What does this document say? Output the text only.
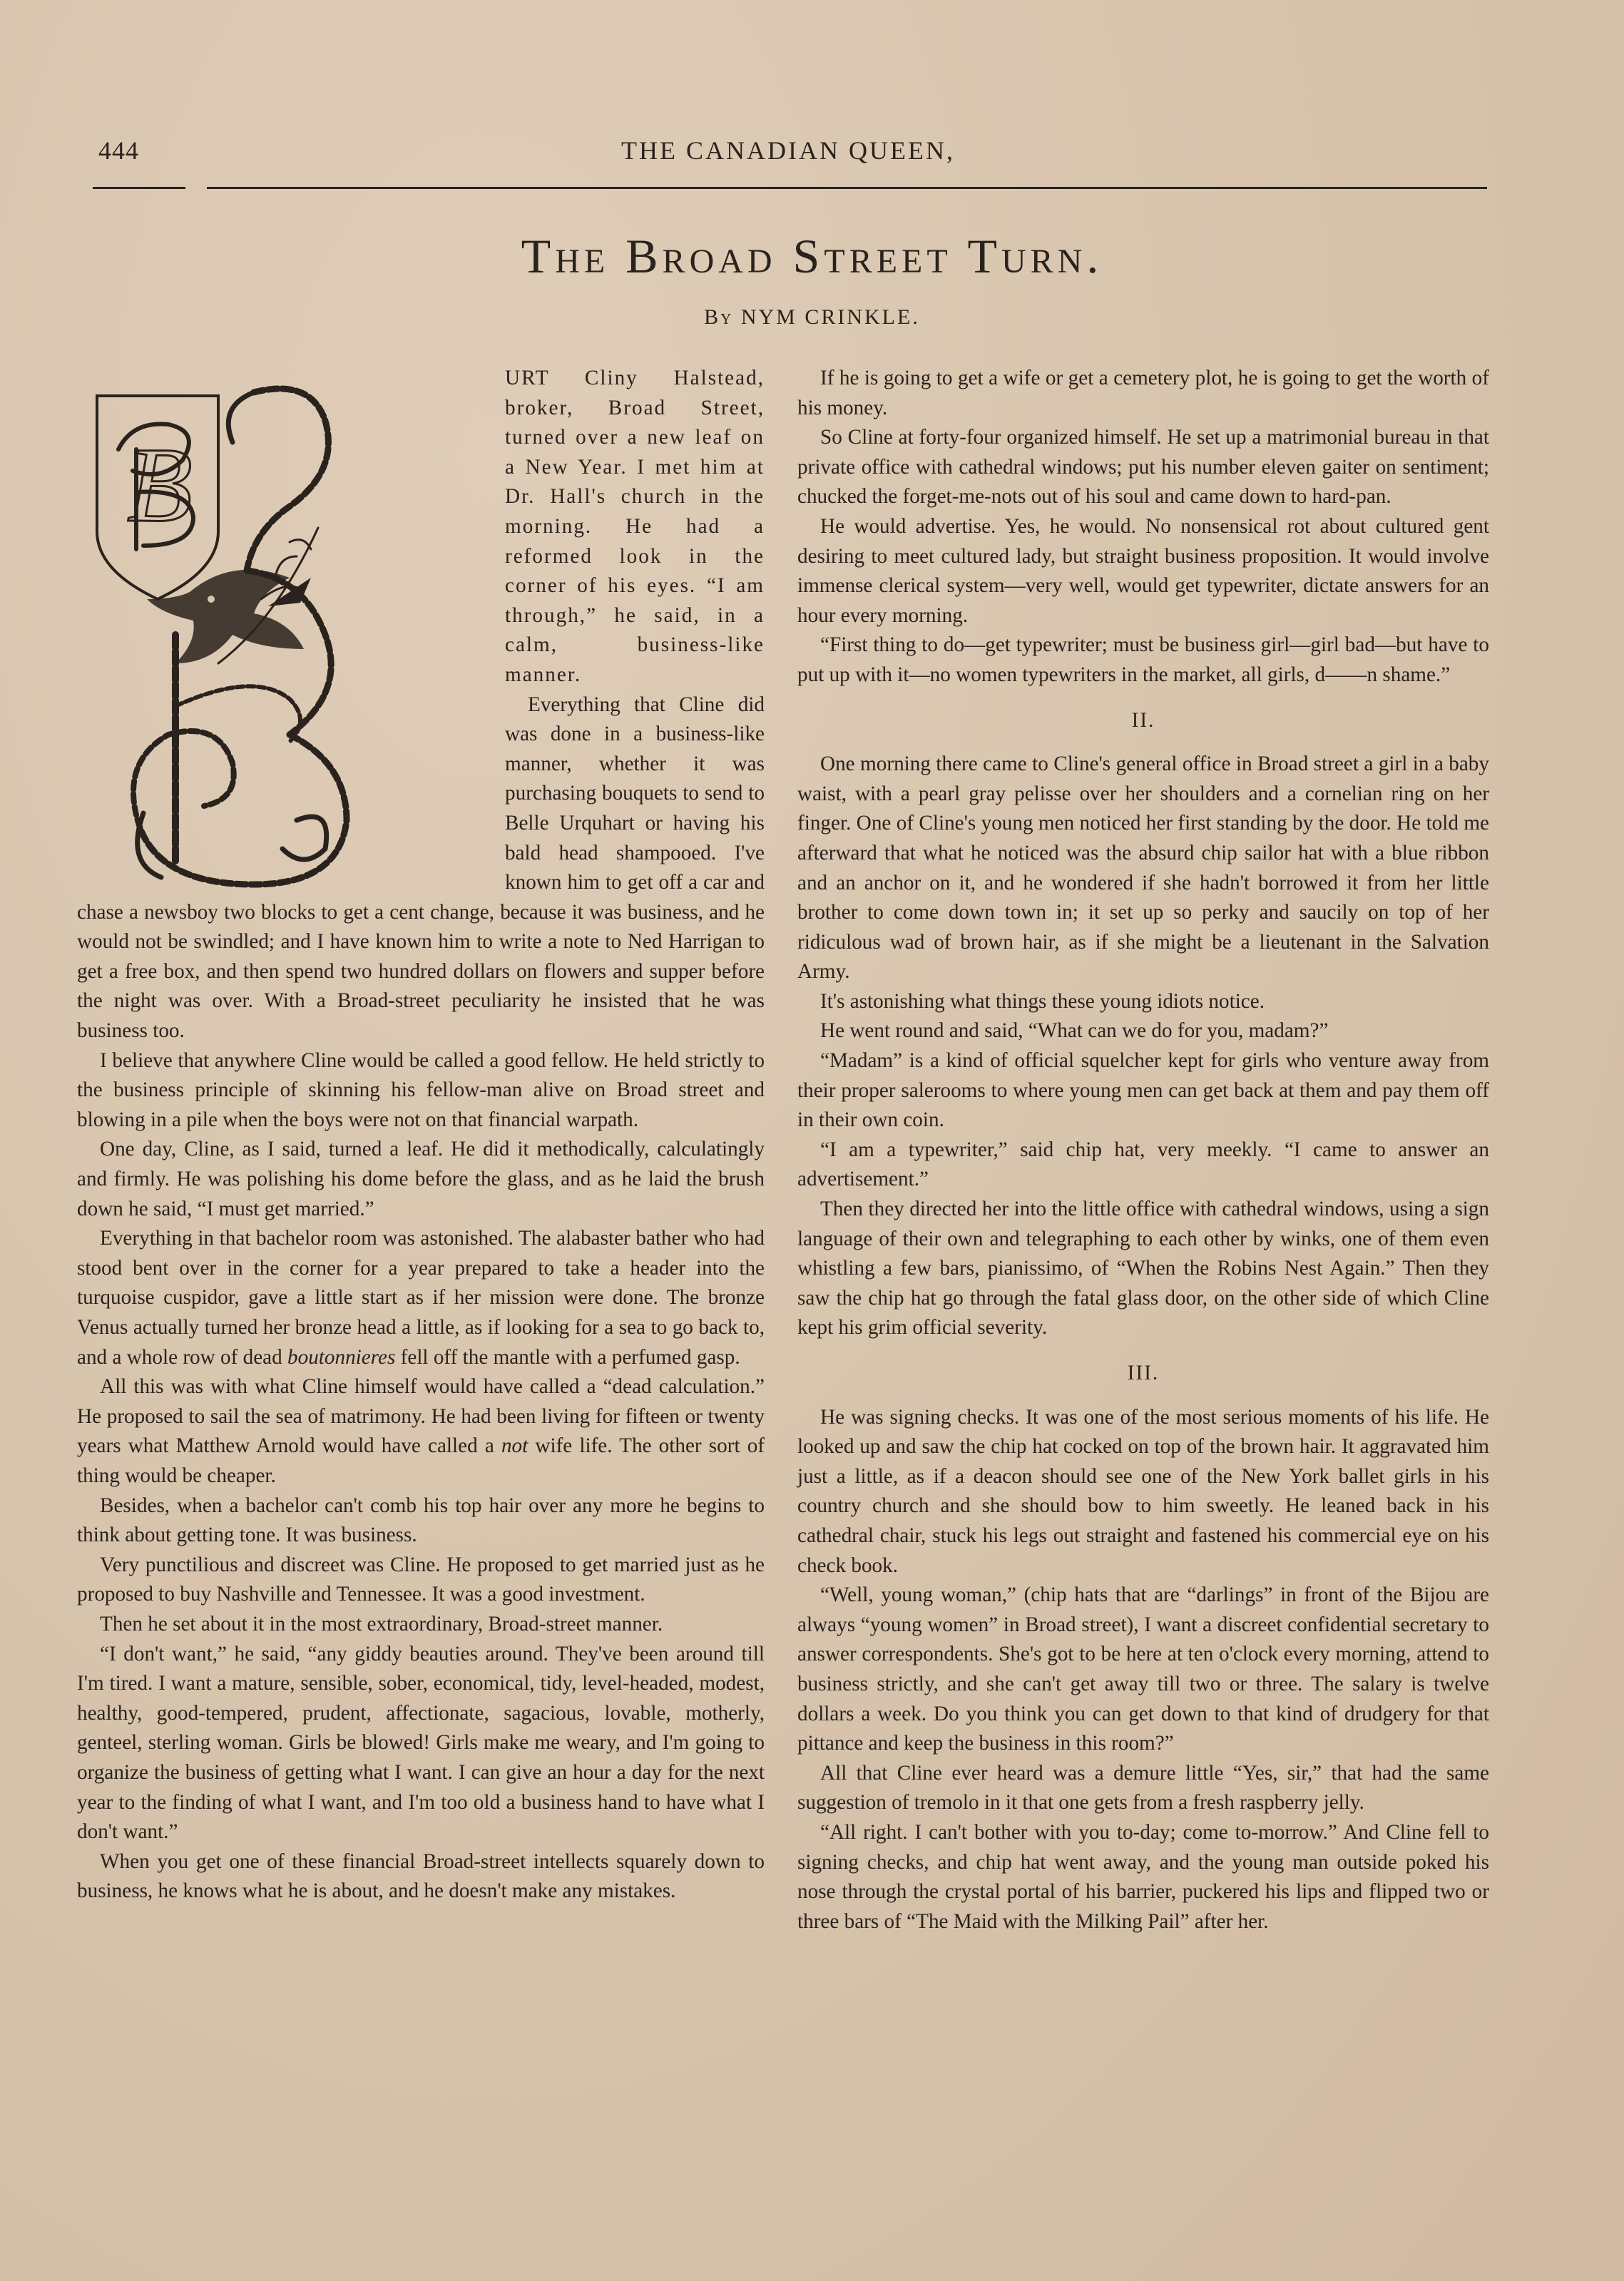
444	THE CANADIAN QUEEN,
The Broad Street Turn.
By NYM CRINKLE.
B

URT Cliny Halstead, broker, Broad Street, turned over a new leaf on a New Year. I met him at Dr. Hall's church in the morning. He had a reformed look in the corner of his eyes. “I am through,” he said, in a calm, business-like manner.

Everything that Cline did was done in a business-like manner, whether it was purchasing bouquets to send to Belle Urquhart or having his bald head shampooed. I've known him to get off a car and chase a newsboy two blocks to get a cent change, because it was business, and he would not be swindled; and I have known him to write a note to Ned Harrigan to get a free box, and then spend two hundred dollars on flowers and supper before the night was over. With a Broad-street peculiarity he insisted that he was business too.

I believe that anywhere Cline would be called a good fellow. He held strictly to the business principle of skinning his fellow-man alive on Broad street and blowing in a pile when the boys were not on that financial warpath.

One day, Cline, as I said, turned a leaf. He did it methodically, calculatingly and firmly. He was polishing his dome before the glass, and as he laid the brush down he said, “I must get married.”

Everything in that bachelor room was astonished. The alabaster bather who had stood bent over in the corner for a year prepared to take a header into the turquoise cuspidor, gave a little start as if her mission were done. The bronze Venus actually turned her bronze head a little, as if looking for a sea to go back to, and a whole row of dead boutonnieres fell off the mantle with a perfumed gasp.

All this was with what Cline himself would have called a “dead calculation.” He proposed to sail the sea of matrimony. He had been living for fifteen or twenty years what Matthew Arnold would have called a not wife life. The other sort of thing would be cheaper.

Besides, when a bachelor can't comb his top hair over any more he begins to think about getting tone. It was business.

Very punctilious and discreet was Cline. He proposed to get married just as he proposed to buy Nashville and Tennessee. It was a good investment.

Then he set about it in the most extraordinary, Broad-street manner.

“I don't want,” he said, “any giddy beauties around. They've been around till I'm tired. I want a mature, sensible, sober, economical, tidy, level-headed, modest, healthy, good-tempered, prudent, affectionate, sagacious, lovable, motherly, genteel, sterling woman. Girls be blowed! Girls make me weary, and I'm going to organize the business of getting what I want. I can give an hour a day for the next year to the finding of what I want, and I'm too old a business hand to have what I don't want.”

When you get one of these financial Broad-street intellects squarely down to business, he knows what he is about, and he doesn't make any mistakes.

If he is going to get a wife or get a cemetery plot, he is going to get the worth of his money.

So Cline at forty-four organized himself. He set up a matrimonial bureau in that private office with cathedral windows; put his number eleven gaiter on sentiment; chucked the forget-me-nots out of his soul and came down to hard-pan.

He would advertise. Yes, he would. No nonsensical rot about cultured gent desiring to meet cultured lady, but straight business proposition. It would involve immense clerical system—very well, would get typewriter, dictate answers for an hour every morning.

“First thing to do—get typewriter; must be business girl—girl bad—but have to put up with it—no women typewriters in the market, all girls, d——n shame.”

II.

One morning there came to Cline's general office in Broad street a girl in a baby waist, with a pearl gray pelisse over her shoulders and a cornelian ring on her finger. One of Cline's young men noticed her first standing by the door. He told me afterward that what he noticed was the absurd chip sailor hat with a blue ribbon and an anchor on it, and he wondered if she hadn't borrowed it from her little brother to come down town in; it set up so perky and saucily on top of her ridiculous wad of brown hair, as if she might be a lieutenant in the Salvation Army.

It's astonishing what things these young idiots notice.

He went round and said, “What can we do for you, madam?”

“Madam” is a kind of official squelcher kept for girls who venture away from their proper salerooms to where young men can get back at them and pay them off in their own coin.

“I am a typewriter,” said chip hat, very meekly. “I came to answer an advertisement.”

Then they directed her into the little office with cathedral windows, using a sign language of their own and telegraphing to each other by winks, one of them even whistling a few bars, pianissimo, of “When the Robins Nest Again.” Then they saw the chip hat go through the fatal glass door, on the other side of which Cline kept his grim official severity.

III.

He was signing checks. It was one of the most serious moments of his life. He looked up and saw the chip hat cocked on top of the brown hair. It aggravated him just a little, as if a deacon should see one of the New York ballet girls in his country church and she should bow to him sweetly. He leaned back in his cathedral chair, stuck his legs out straight and fastened his commercial eye on his check book.

“Well, young woman,” (chip hats that are “darlings” in front of the Bijou are always “young women” in Broad street), I want a discreet confidential secretary to answer correspondents. She's got to be here at ten o'clock every morning, attend to business strictly, and she can't get away till two or three. The salary is twelve dollars a week. Do you think you can get down to that kind of drudgery for that pittance and keep the business in this room?”

All that Cline ever heard was a demure little “Yes, sir,” that had the same suggestion of tremolo in it that one gets from a fresh raspberry jelly.

“All right. I can't bother with you to-day; come to-morrow.” And Cline fell to signing checks, and chip hat went away, and the young man outside poked his nose through the crystal portal of his barrier, puckered his lips and flipped two or three bars of “The Maid with the Milking Pail” after her.
